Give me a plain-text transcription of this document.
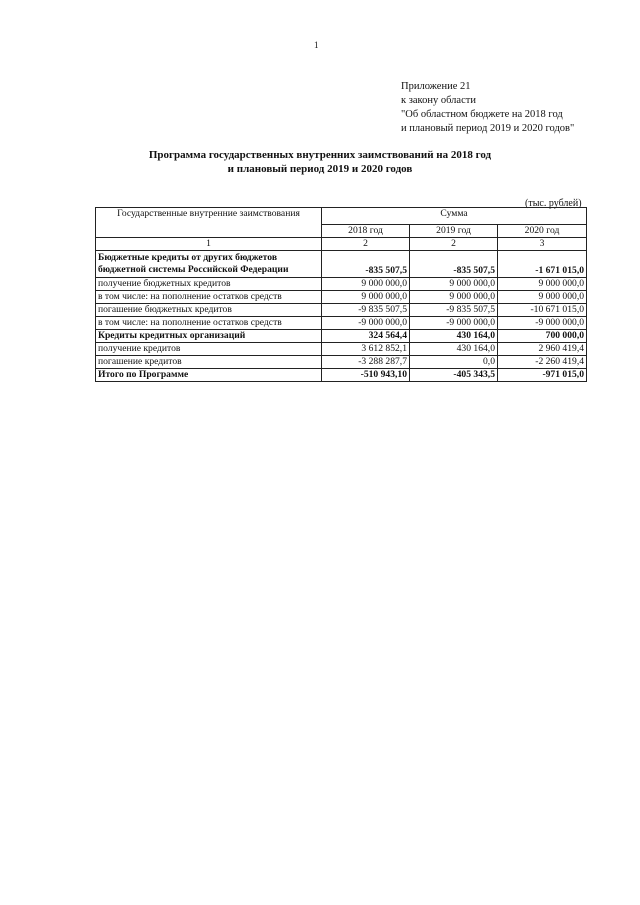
1
Приложение 21
к закону области
"Об областном бюджете на 2018 год
и плановый период 2019 и 2020 годов"
Программа государственных внутренних заимствований на 2018 год
и плановый период 2019 и 2020 годов
(тыс. рублей)
Государственные внутренние заимствования	Сумма		
	2018 год	2019 год	2020 год
1	2	2	3
Бюджетные кредиты от других бюджетов бюджетной системы Российской Федерации	-835 507,5	-835 507,5	-1 671 015,0
получение бюджетных кредитов	9 000 000,0	9 000 000,0	9 000 000,0
в том числе: на пополнение остатков средств	9 000 000,0	9 000 000,0	9 000 000,0
погашение бюджетных кредитов	-9 835 507,5	-9 835 507,5	-10 671 015,0
в том числе: на пополнение остатков средств	-9 000 000,0	-9 000 000,0	-9 000 000,0
Кредиты кредитных организаций	324 564,4	430 164,0	700 000,0
получение кредитов	3 612 852,1	430 164,0	2 960 419,4
погашение кредитов	-3 288 287,7	0,0	-2 260 419,4
Итого по Программе	-510 943,10	-405 343,5	-971 015,0
